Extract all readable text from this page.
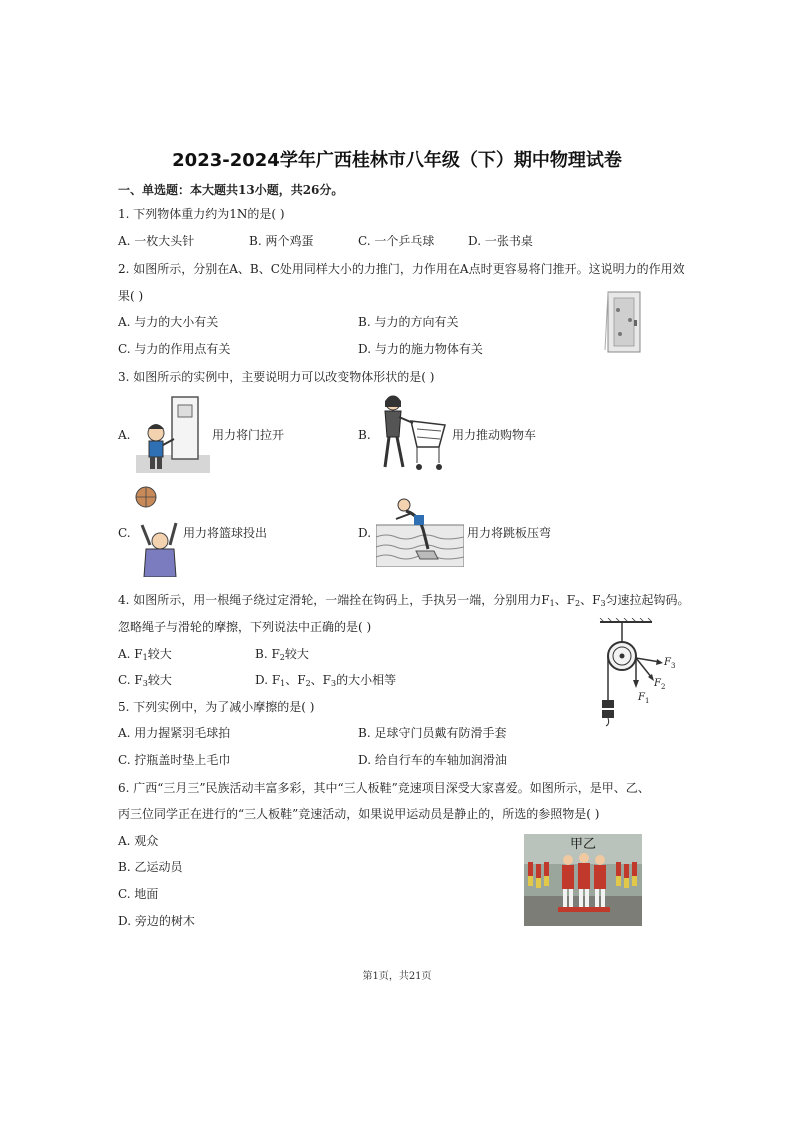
2023-2024学年广西桂林市八年级（下）期中物理试卷
一、单选题：本大题共13小题，共26分。
1. 下列物体重力约为1N的是( )
A. 一枚大头针	B. 两个鸡蛋	C. 一个乒乓球	D. 一张书桌
2. 如图所示，分别在A、B、C处用同样大小的力推门，力作用在A点时更容易将门推开。这说明力的作用效
果( )
A. 与力的大小有关	B. 与力的方向有关
C. 与力的作用点有关	D. 与力的施力物体有关
3. 如图所示的实例中，主要说明力可以改变物体形状的是( )
A.	用力将门拉开	B.	用力推动购物车
C.	用力将篮球投出	D.	用力将跳板压弯
4. 如图所示，用一根绳子绕过定滑轮，一端拴在钩码上，手执另一端，分别用力$F_1$、$F_2$、$F_3$匀速拉起钩码。
忽略绳子与滑轮的摩擦，下列说法中正确的是( )
A. $F_1$较大	B. $F_2$较大
C. $F_3$较大	D. $F_1$、$F_2$、$F_3$的大小相等
F 1
F 2
F 3
5. 下列实例中，为了减小摩擦的是( )
A. 用力握紧羽毛球拍	B. 足球守门员戴有防滑手套
C. 拧瓶盖时垫上毛巾	D. 给自行车的车轴加润滑油
6. 广西“三月三”民族活动丰富多彩，其中“三人板鞋”竞速项目深受大家喜爱。如图所示，是甲、乙、
丙三位同学正在进行的“三人板鞋”竞速活动，如果说甲运动员是静止的，所选的参照物是( )
A. 观众
B. 乙运动员
C. 地面
D. 旁边的树木
甲乙
第1页，共21页
